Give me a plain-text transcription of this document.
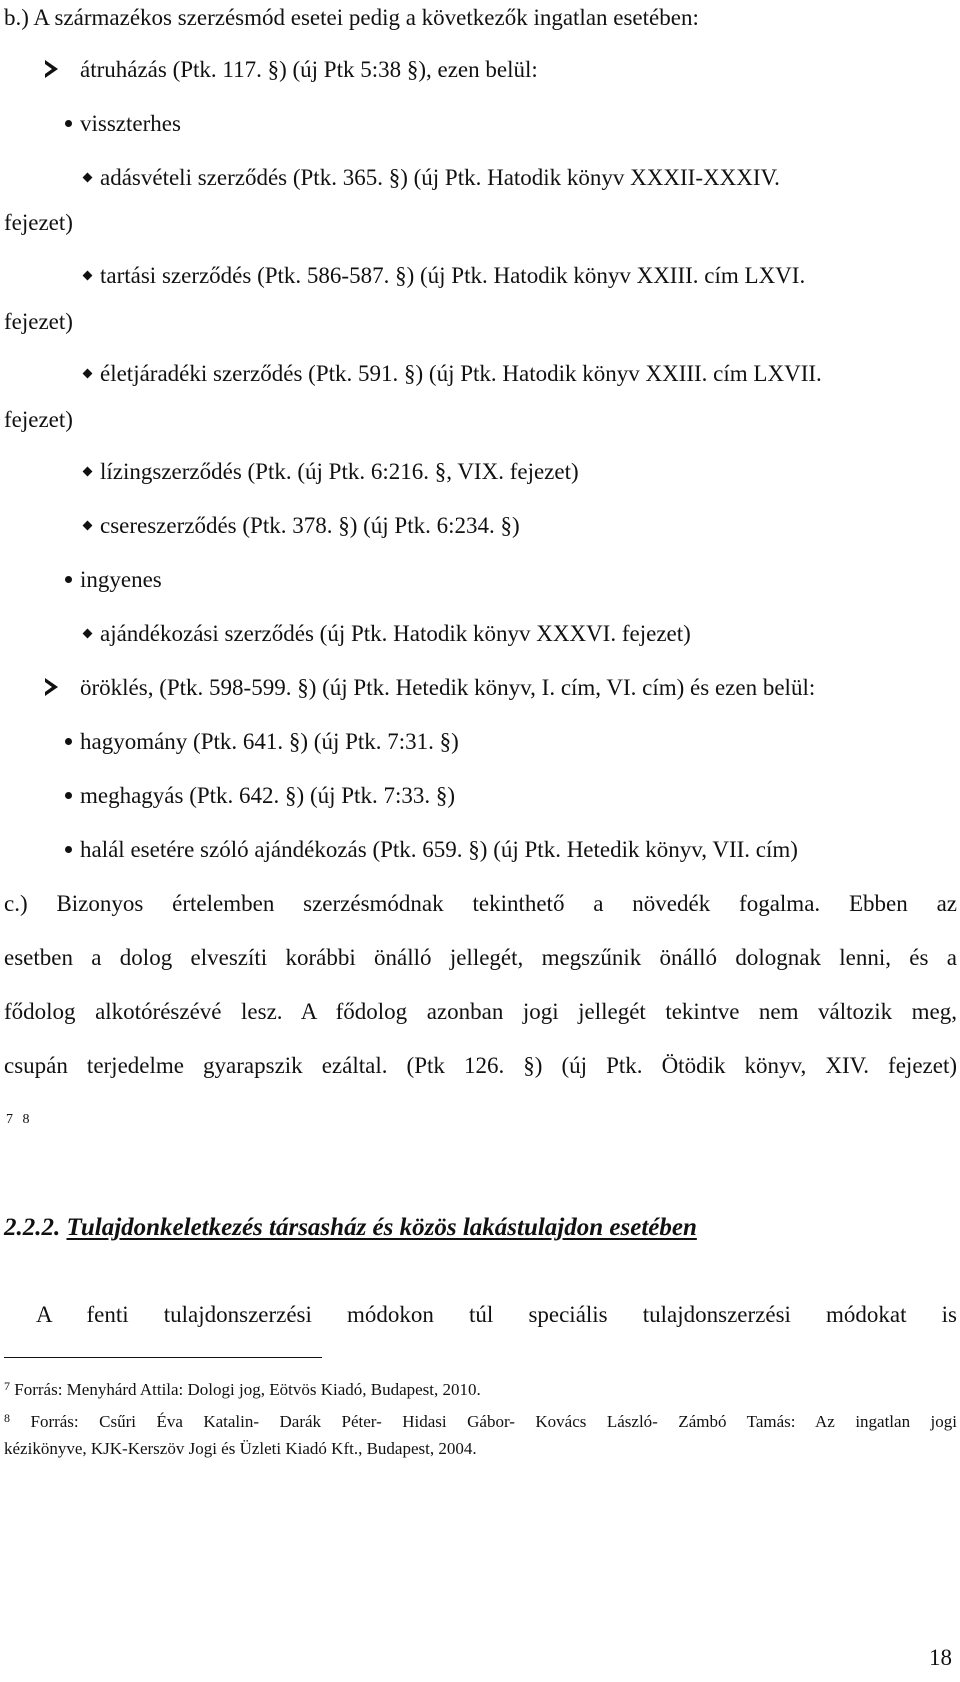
b.) A származékos szerzésmód esetei pedig a következők ingatlan esetében:
átruházás (Ptk. 117. §) (új Ptk 5:38 §), ezen belül:
visszterhes
adásvételi szerződés (Ptk. 365. §) (új Ptk. Hatodik könyv XXXII-XXXIV.
fejezet)
tartási szerződés (Ptk. 586-587. §) (új Ptk. Hatodik könyv XXIII. cím LXVI.
fejezet)
életjáradéki szerződés (Ptk. 591. §) (új Ptk. Hatodik könyv XXIII. cím LXVII.
fejezet)
lízingszerződés (Ptk. (új Ptk. 6:216. §, VIX. fejezet)
csereszerződés (Ptk. 378. §) (új Ptk. 6:234. §)
ingyenes
ajándékozási szerződés (új Ptk. Hatodik könyv XXXVI. fejezet)
öröklés, (Ptk. 598-599. §) (új Ptk. Hetedik könyv, I. cím, VI. cím) és ezen belül:
hagyomány (Ptk. 641. §) (új Ptk. 7:31. §)
meghagyás (Ptk. 642. §) (új Ptk. 7:33. §)
halál esetére szóló ajándékozás (Ptk. 659. §) (új Ptk. Hetedik könyv, VII. cím)
c.) Bizonyos értelemben szerzésmódnak tekinthető a növedék fogalma. Ebben az
esetben a dolog elveszíti korábbi önálló jellegét, megszűnik önálló dolognak lenni, és a
fődolog alkotórészévé lesz. A fődolog azonban jogi jellegét tekintve nem változik meg,
csupán terjedelme gyarapszik ezáltal. (Ptk 126. §) (új Ptk. Ötödik könyv, XIV. fejezet)
7 8
2.2.2. Tulajdonkeletkezés társasház és közös lakástulajdon esetében
A fenti tulajdonszerzési módokon túl speciális tulajdonszerzési módokat is
$^7$ Forrás: Menyhárd Attila: Dologi jog, Eötvös Kiadó, Budapest, 2010.
$^8$ Forrás: Csűri Éva Katalin- Darák Péter- Hidasi Gábor- Kovács László- Zámbó Tamás: Az ingatlan jogi
kézikönyve, KJK-Kerszöv Jogi és Üzleti Kiadó Kft., Budapest, 2004.
18
